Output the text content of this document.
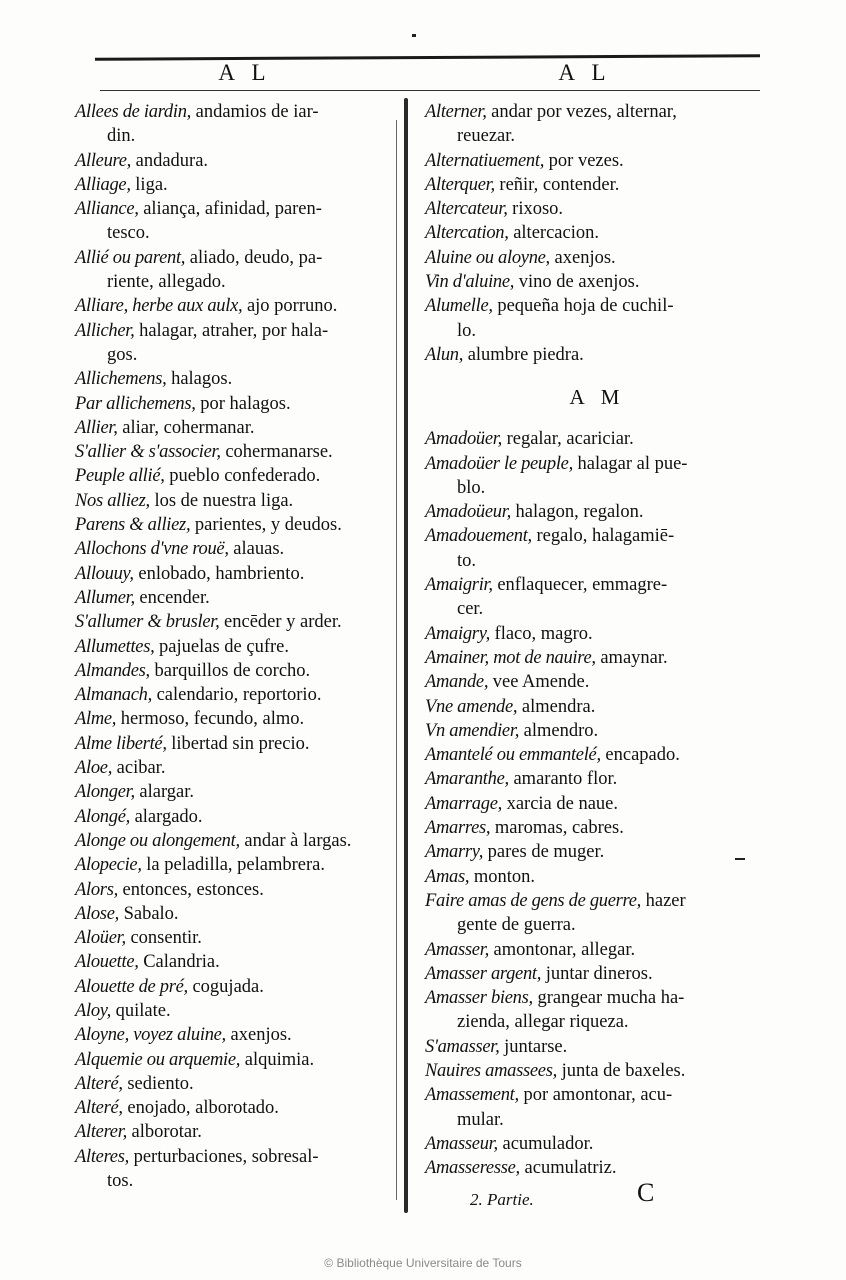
A L	A L
Allees de iardin, andamios de iar-
din.
Alleure, andadura.
Alliage, liga.
Alliance, aliança, afinidad, paren-
tesco.
Allié ou parent, aliado, deudo, pa-
riente, allegado.
Alliare, herbe aux aulx, ajo porruno.
Allicher, halagar, atraher, por hala-
gos.
Allichemens, halagos.
Par allichemens, por halagos.
Allier, aliar, cohermanar.
S'allier & s'associer, cohermanarse.
Peuple allié, pueblo confederado.
Nos alliez, los de nuestra liga.
Parens & alliez, parientes, y deudos.
Allochons d'vne rouë, alauas.
Allouuy, enlobado, hambriento.
Allumer, encender.
S'allumer & brusler, encēder y arder.
Allumettes, pajuelas de çufre.
Almandes, barquillos de corcho.
Almanach, calendario, reportorio.
Alme, hermoso, fecundo, almo.
Alme liberté, libertad sin precio.
Aloe, acibar.
Alonger, alargar.
Alongé, alargado.
Alonge ou alongement, andar à largas.
Alopecie, la peladilla, pelambrera.
Alors, entonces, estonces.
Alose, Sabalo.
Aloüer, consentir.
Alouette, Calandria.
Alouette de pré, cogujada.
Aloy, quilate.
Aloyne, voyez aluine, axenjos.
Alquemie ou arquemie, alquimia.
Alteré, sediento.
Alteré, enojado, alborotado.
Alterer, alborotar.
Alteres, perturbaciones, sobresal-
tos.
Alterner, andar por vezes, alternar,
reuezar.
Alternatiuement, por vezes.
Alterquer, reñir, contender.
Altercateur, rixoso.
Altercation, altercacion.
Aluine ou aloyne, axenjos.
Vin d'aluine, vino de axenjos.
Alumelle, pequeña hoja de cuchil-
lo.
Alun, alumbre piedra.
A M
Amadoüer, regalar, acariciar.
Amadoüer le peuple, halagar al pue-
blo.
Amadoüeur, halagon, regalon.
Amadouement, regalo, halagamiē-
to.
Amaigrir, enflaquecer, emmagre-
cer.
Amaigry, flaco, magro.
Amainer, mot de nauire, amaynar.
Amande, vee Amende.
Vne amende, almendra.
Vn amendier, almendro.
Amantelé ou emmantelé, encapado.
Amaranthe, amaranto flor.
Amarrage, xarcia de naue.
Amarres, maromas, cabres.
Amarry, pares de muger.
Amas, monton.
Faire amas de gens de guerre, hazer
gente de guerra.
Amasser, amontonar, allegar.
Amasser argent, juntar dineros.
Amasser biens, grangear mucha ha-
zienda, allegar riqueza.
S'amasser, juntarse.
Nauires amassees, junta de baxeles.
Amassement, por amontonar, acu-
mular.
Amasseur, acumulador.
Amasseresse, acumulatriz.
2. Partie.	C
© Bibliothèque Universitaire de Tours
